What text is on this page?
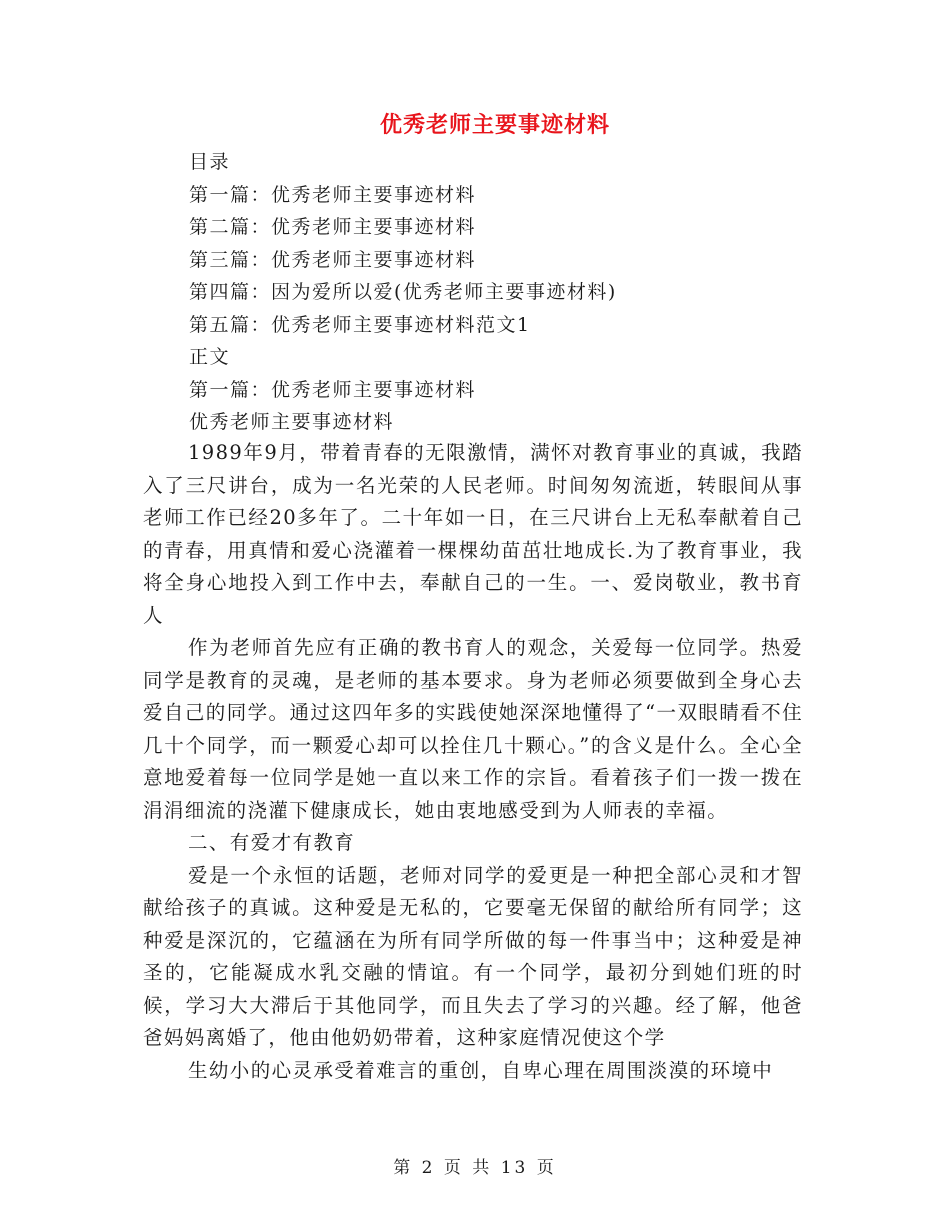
优秀老师主要事迹材料
目录
第一篇：优秀老师主要事迹材料
第二篇：优秀老师主要事迹材料
第三篇：优秀老师主要事迹材料
第四篇：因为爱所以爱(优秀老师主要事迹材料)
第五篇：优秀老师主要事迹材料范文1
正文
第一篇：优秀老师主要事迹材料
优秀老师主要事迹材料

1989年9月，带着青春的无限激情，满怀对教育事业的真诚，我踏入了三尺讲台，成为一名光荣的人民老师。时间匆匆流逝，转眼间从事老师工作已经20多年了。二十年如一日，在三尺讲台上无私奉献着自己的青春，用真情和爱心浇灌着一棵棵幼苗茁壮地成长.为了教育事业，我将全身心地投入到工作中去，奉献自己的一生。一、爱岗敬业，教书育人

作为老师首先应有正确的教书育人的观念，关爱每一位同学。热爱同学是教育的灵魂，是老师的基本要求。身为老师必须要做到全身心去爱自己的同学。通过这四年多的实践使她深深地懂得了“一双眼睛看不住几十个同学，而一颗爱心却可以拴住几十颗心。”的含义是什么。全心全意地爱着每一位同学是她一直以来工作的宗旨。看着孩子们一拨一拨在涓涓细流的浇灌下健康成长，她由衷地感受到为人师表的幸福。

二、有爱才有教育

爱是一个永恒的话题，老师对同学的爱更是一种把全部心灵和才智献给孩子的真诚。这种爱是无私的，它要毫无保留的献给所有同学；这种爱是深沉的，它蕴涵在为所有同学所做的每一件事当中；这种爱是神圣的，它能凝成水乳交融的情谊。有一个同学，最初分到她们班的时候，学习大大滞后于其他同学，而且失去了学习的兴趣。经了解，他爸爸妈妈离婚了，他由他奶奶带着，这种家庭情况使这个学

生幼小的心灵承受着难言的重创，自卑心理在周围淡漠的环境中

第 2 页 共 13 页
